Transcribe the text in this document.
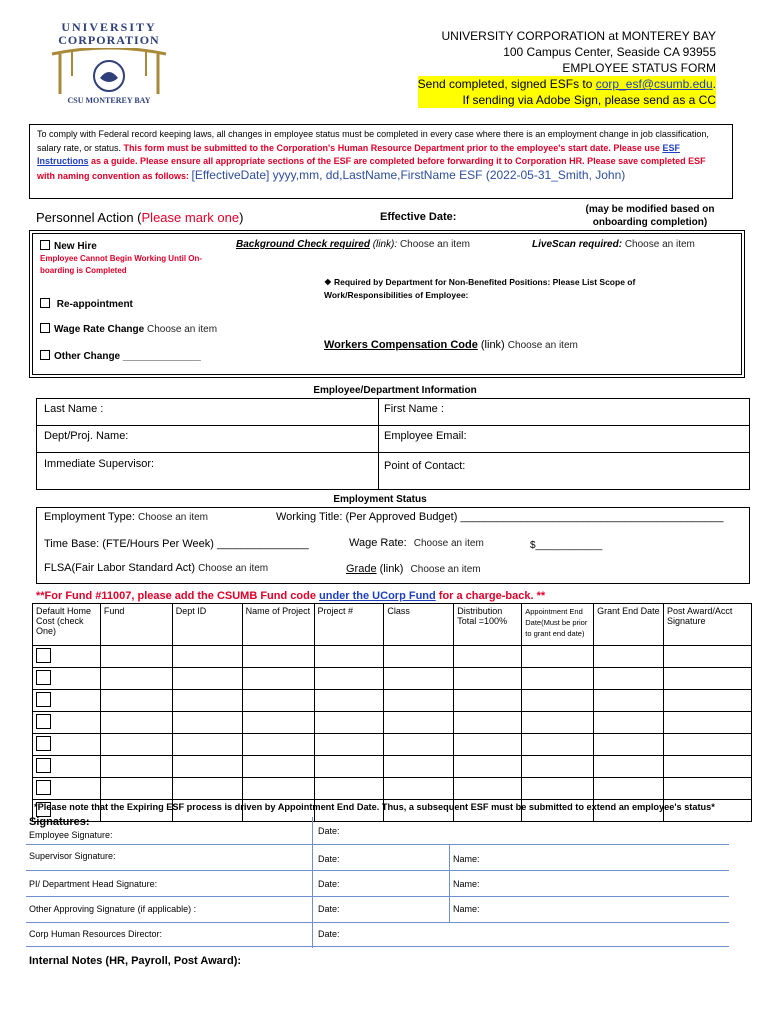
UNIVERSITY
CORPORATION
CSU MONTEREY BAY
UNIVERSITY CORPORATION at MONTEREY BAY
100 Campus Center, Seaside CA 93955
EMPLOYEE STATUS FORM
Send completed, signed ESFs to corp_esf@csumb.edu.
If sending via Adobe Sign, please send as a CC
To comply with Federal record keeping laws, all changes in employee status must be completed in every case where there is an employment change in job classification, salary rate, or status. This form must be submitted to the Corporation's Human Resource Department prior to the employee's start date. Please use ESF Instructions as a guide. Please ensure all appropriate sections of the ESF are completed before forwarding it to Corporation HR. Please save completed ESF with naming convention as follows: [EffectiveDate] yyyy,mm, dd,LastName,FirstName ESF (2022-05-31_Smith, John)
Personnel Action (Please mark one)	Effective Date:
(may be modified based on onboarding completion)
New Hire
Employee Cannot Begin Working Until On-boarding is Completed
Background Check required (link): Choose an item	LiveScan required: Choose an item
❖ Required by Department for Non-Benefited Positions: Please List Scope of Work/Responsibilities of Employee:
Re-appointment
Wage Rate Change Choose an item
Other Change ______________
Workers Compensation Code (link) Choose an item
Employee/Department Information
Last Name :	First Name :
Dept/Proj. Name:	Employee Email:
Immediate Supervisor:	Point of Contact:
Employment Status
Employment Type: Choose an item	Working Title: (Per Approved Budget) ___________________________________________
Time Base: (FTE/Hours Per Week) _______________	Wage Rate: Choose an item	$____________
FLSA(Fair Labor Standard Act) Choose an item	Grade (link) Choose an item
**For Fund #11007, please add the CSUMB Fund code under the UCorp Fund for a charge-back. **
Default Home Cost (check One)	Fund	Dept ID	Name of Project	Project #	Class	Distribution Total =100%	Appointment End Date(Must be prior to grant end date)	Grant End Date	Post Award/Acct Signature

*Please note that the Expiring ESF process is driven by Appointment End Date. Thus, a subsequent ESF must be submitted to extend an employee's status*
Signatures:
Employee Signature:	Date:
Supervisor Signature:	Date:	Name:
PI/ Department Head Signature:	Date:	Name:
Other Approving Signature (if applicable) :	Date:	Name:
Corp Human Resources Director:	Date:
Internal Notes (HR, Payroll, Post Award):
